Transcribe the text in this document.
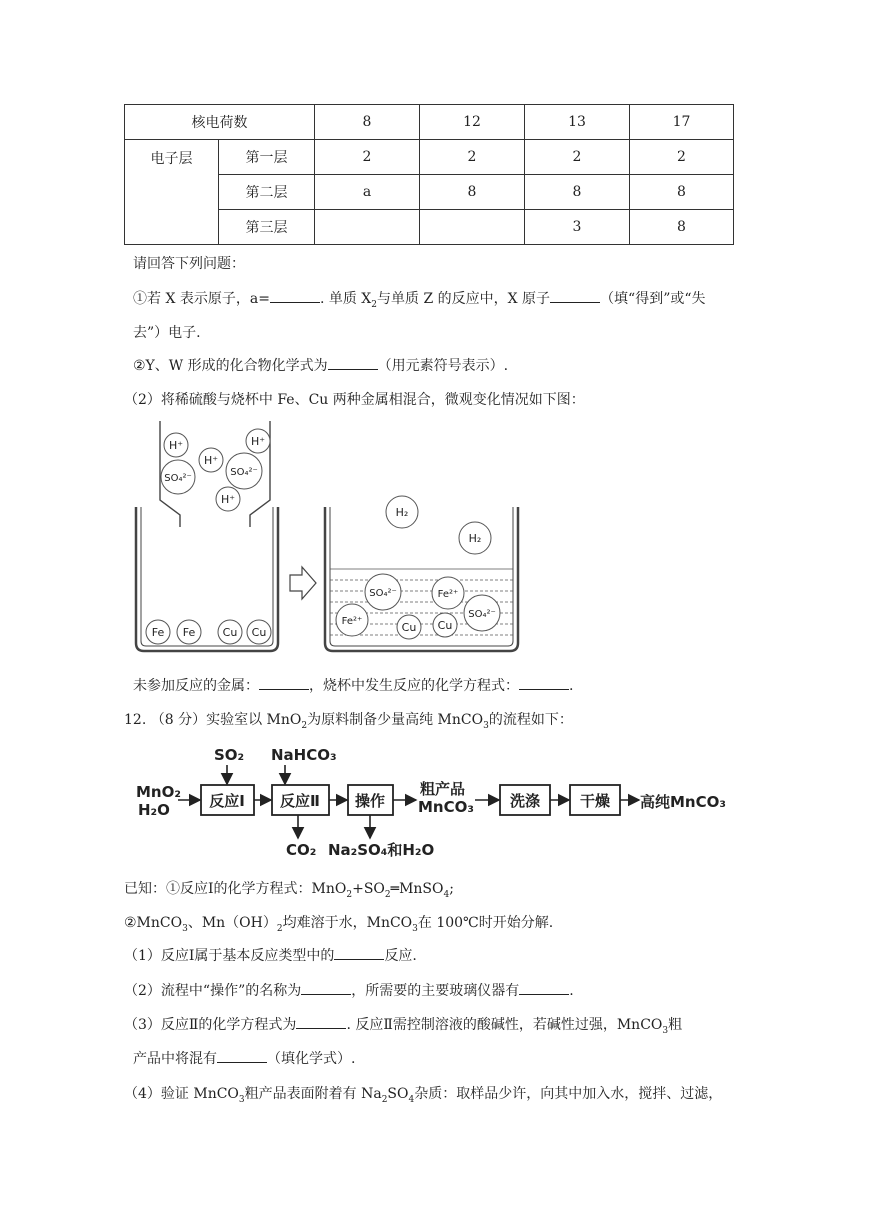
核电荷数		8	12	13	17
电子层	第一层	2	2	2	2
	第二层	a	8	8	8
	第三层			3	8
请回答下列问题：
①若 X 表示原子，a=	. 单质 $X_2$与单质 Z 的反应中，X 原子	（填“得到”或“失
去”）电子.
②Y、W 形成的化合物化学式为	（用元素符号表示）.
（2）将稀硫酸与烧杯中 Fe、Cu 两种金属相混合，微观变化情况如下图：
H⁺	H⁺
H⁺
H⁺
SO₄²⁻
SO₄²⁻
Fe Fe Cu Cu
H₂
H₂
SO₄²⁻	Fe²⁺
SO₄²⁻
Fe²⁺	Cu Cu
未参加反应的金属：	，烧杯中发生反应的化学方程式：	.
12. （8 分）实验室以 MnO$_2$为原料制备少量高纯 MnCO$_3$的流程如下：
MnO₂
H₂O
SO₂ NaHCO₃
粗产品
MnCO₃	高纯MnCO₃
CO₂ Na₂SO₄和H₂O
反应Ⅰ 反应Ⅱ 操作	洗涤	干燥
已知：①反应Ⅰ的化学方程式：$MnO_2+SO_2═MnSO_4$;
②MnCO$_3$、$Mn(OH)_2$均难溶于水，MnCO$_3$在 100℃时开始分解.
（1）反应Ⅰ属于基本反应类型中的	反应.
（2）流程中“操作”的名称为	，所需要的主要玻璃仪器有	.
（3）反应Ⅱ的化学方程式为	. 反应Ⅱ需控制溶液的酸碱性，若碱性过强，MnCO$_3$粗
产品中将混有	（填化学式）.
（4）验证 MnCO$_3$粗产品表面附着有 $Na_2SO_4$杂质：取样品少许，向其中加入水，搅拌、过滤，
